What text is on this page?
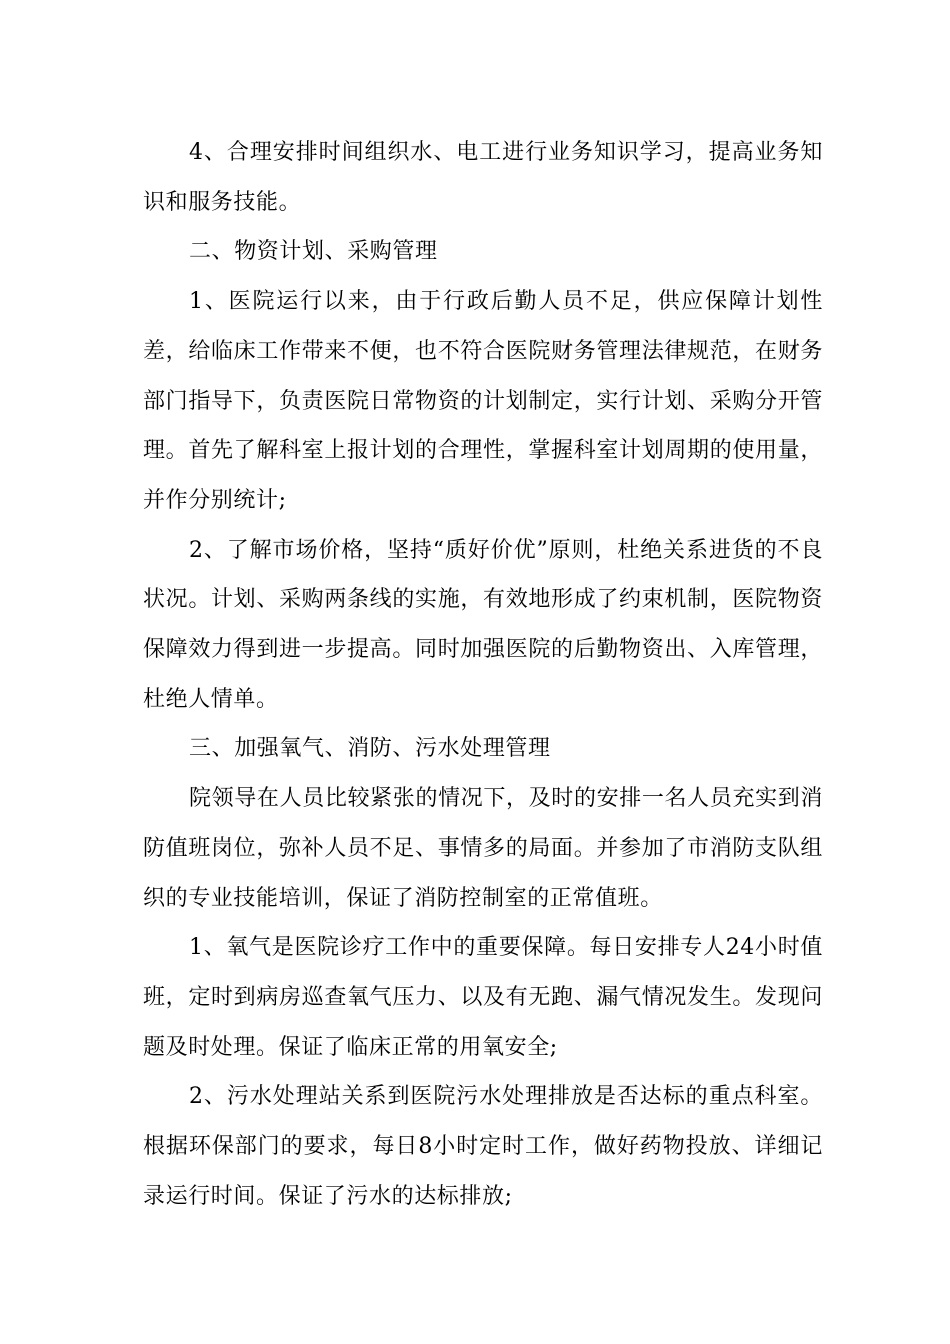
4、合理安排时间组织水、电工进行业务知识学习，提高业务知识和服务技能。

二、物资计划、采购管理

1、医院运行以来，由于行政后勤人员不足，供应保障计划性差，给临床工作带来不便，也不符合医院财务管理法律规范，在财务部门指导下，负责医院日常物资的计划制定，实行计划、采购分开管理。首先了解科室上报计划的合理性，掌握科室计划周期的使用量，并作分别统计;

2、了解市场价格，坚持“质好价优”原则，杜绝关系进货的不良状况。计划、采购两条线的实施，有效地形成了约束机制，医院物资保障效力得到进一步提高。同时加强医院的后勤物资出、入库管理，杜绝人情单。

三、加强氧气、消防、污水处理管理

院领导在人员比较紧张的情况下，及时的安排一名人员充实到消防值班岗位，弥补人员不足、事情多的局面。并参加了市消防支队组织的专业技能培训，保证了消防控制室的正常值班。

1、氧气是医院诊疗工作中的重要保障。每日安排专人24小时值班，定时到病房巡查氧气压力、以及有无跑、漏气情况发生。发现问题及时处理。保证了临床正常的用氧安全;

2、污水处理站关系到医院污水处理排放是否达标的重点科室。根据环保部门的要求，每日8小时定时工作，做好药物投放、详细记录运行时间。保证了污水的达标排放;
